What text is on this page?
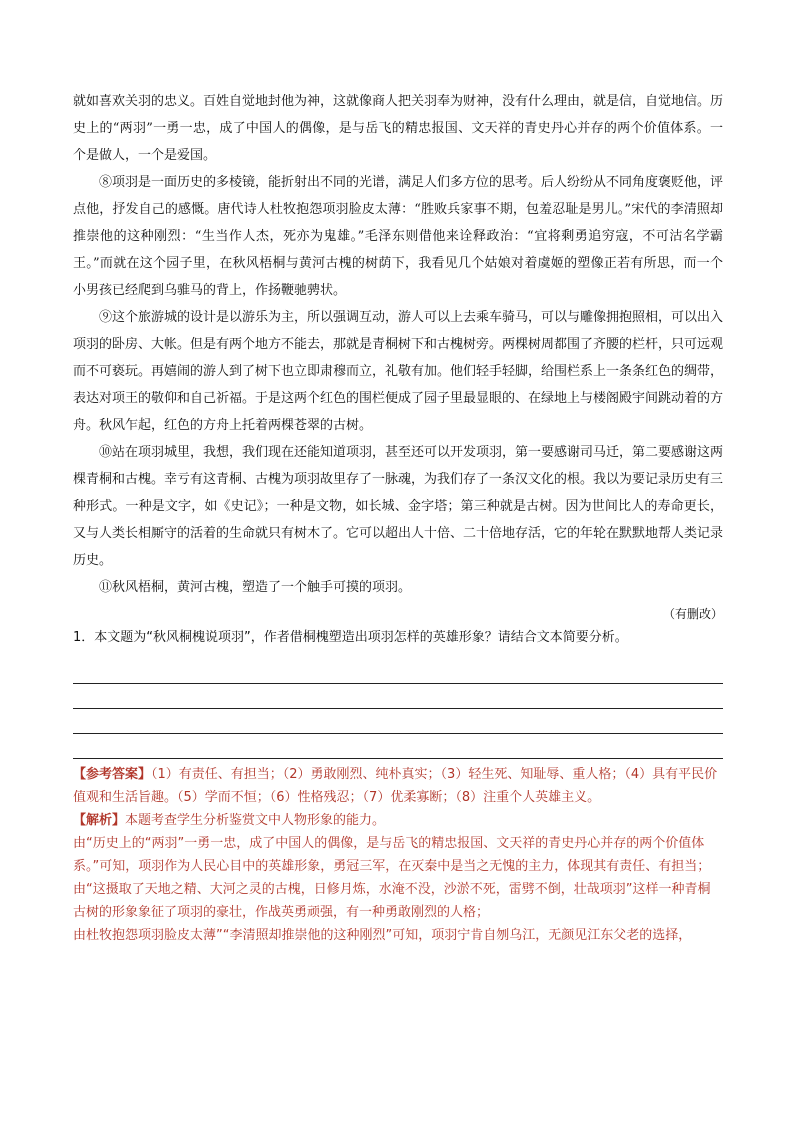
就如喜欢关羽的忠义。百姓自觉地封他为神，这就像商人把关羽奉为财神，没有什么理由，就是信，自觉地信。历史上的“两羽”一勇一忠，成了中国人的偶像，是与岳飞的精忠报国、文天祥的青史丹心并存的两个价值体系。一个是做人，一个是爱国。

⑧项羽是一面历史的多棱镜，能折射出不同的光谱，满足人们多方位的思考。后人纷纷从不同角度褒贬他，评点他，抒发自己的感慨。唐代诗人杜牧抱怨项羽脸皮太薄：“胜败兵家事不期，包羞忍耻是男儿。”宋代的李清照却推崇他的这种刚烈：“生当作人杰，死亦为鬼雄。”毛泽东则借他来诠释政治：“宜将剩勇追穷寇，不可沽名学霸王。”而就在这个园子里，在秋风梧桐与黄河古槐的树荫下，我看见几个姑娘对着虞姬的塑像正若有所思，而一个小男孩已经爬到乌骓马的背上，作扬鞭驰骋状。

⑨这个旅游城的设计是以游乐为主，所以强调互动，游人可以上去乘车骑马，可以与雕像拥抱照相，可以出入项羽的卧房、大帐。但是有两个地方不能去，那就是青桐树下和古槐树旁。两棵树周都围了齐腰的栏杆，只可远观而不可亵玩。再嬉闹的游人到了树下也立即肃穆而立，礼敬有加。他们轻手轻脚，给围栏系上一条条红色的绸带，表达对项王的敬仰和自己祈福。于是这两个红色的围栏便成了园子里最显眼的、在绿地上与楼阁殿宇间跳动着的方舟。秋风乍起，红色的方舟上托着两棵苍翠的古树。

⑩站在项羽城里，我想，我们现在还能知道项羽，甚至还可以开发项羽，第一要感谢司马迁，第二要感谢这两棵青桐和古槐。幸亏有这青桐、古槐为项羽故里存了一脉魂，为我们存了一条汉文化的根。我以为要记录历史有三种形式。一种是文字，如《史记》；一种是文物，如长城、金字塔；第三种就是古树。因为世间比人的寿命更长，又与人类长相厮守的活着的生命就只有树木了。它可以超出人十倍、二十倍地存活，它的年轮在默默地帮人类记录历史。

⑪秋风梧桐，黄河古槐，塑造了一个触手可摸的项羽。

（有删改）
1．本文题为“秋风桐槐说项羽”，作者借桐槐塑造出项羽怎样的英雄形象？请结合文本简要分析。

【参考答案】（1）有责任、有担当；（2）勇敢刚烈、纯朴真实；（3）轻生死、知耻辱、重人格；（4）具有平民价值观和生活旨趣。（5）学而不恒；（6）性格残忍；（7）优柔寡断；（8）注重个人英雄主义。

【解析】本题考查学生分析鉴赏文中人物形象的能力。

由“历史上的“两羽”一勇一忠，成了中国人的偶像，是与岳飞的精忠报国、文天祥的青史丹心并存的两个价值体系。”可知，项羽作为人民心目中的英雄形象，勇冠三军，在灭秦中是当之无愧的主力，体现其有责任、有担当；

由“这摄取了天地之精、大河之灵的古槐，日修月炼，水淹不没，沙淤不死，雷劈不倒，壮哉项羽”这样一种青桐古树的形象象征了项羽的豪壮，作战英勇顽强，有一种勇敢刚烈的人格；

由杜牧抱怨项羽脸皮太薄”“李清照却推崇他的这种刚烈”可知，项羽宁肯自刎乌江，无颜见江东父老的选择，
